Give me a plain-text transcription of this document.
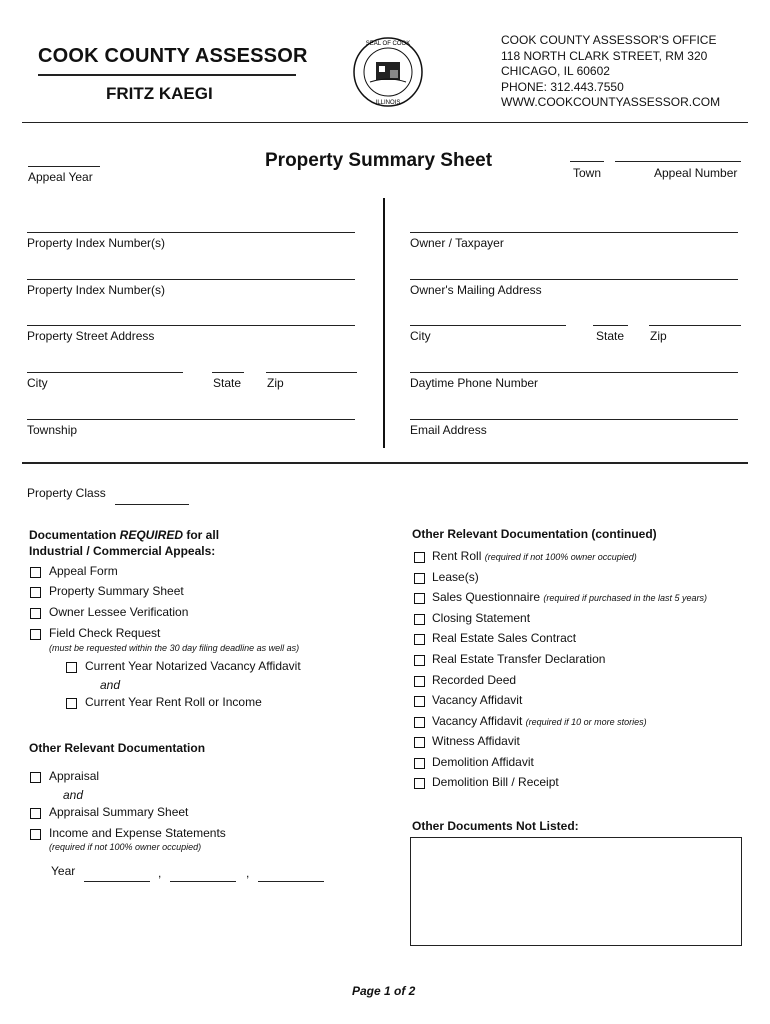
COOK COUNTY ASSESSOR
FRITZ KAEGI
SEAL OF COOK
ILLINOIS
COOK COUNTY ASSESSOR'S OFFICE
118 NORTH CLARK STREET, RM 320
CHICAGO, IL 60602
PHONE: 312.443.7550
WWW.COOKCOUNTYASSESSOR.COM
Appeal Year
Property Summary Sheet
Town	Appeal Number
Property Index Number(s)
Property Index Number(s)
Property Street Address
City	State Zip
Township
Owner / Taxpayer
Owner's Mailing Address
City	State Zip
Daytime Phone Number
Email Address
Property Class
Documentation REQUIRED for all
Industrial / Commercial Appeals:
Appeal Form
Property Summary Sheet
Owner Lessee Verification
Field Check Request
(must be requested within the 30 day filing deadline as well as)
Current Year Notarized Vacancy Affidavit
and
Current Year Rent Roll or Income
Other Relevant Documentation
Appraisal
and
Appraisal Summary Sheet
Income and Expense Statements
(required if not 100% owner occupied)
Year	,	,
Other Relevant Documentation (continued)
Rent Roll (required if not 100% owner occupied)
Lease(s)
Sales Questionnaire (required if purchased in the last 5 years)
Closing Statement
Real Estate Sales Contract
Real Estate Transfer Declaration
Recorded Deed
Vacancy Affidavit
Vacancy Affidavit (required if 10 or more stories)
Witness Affidavit
Demolition Affidavit
Demolition Bill / Receipt
Other Documents Not Listed:
Page 1 of 2
